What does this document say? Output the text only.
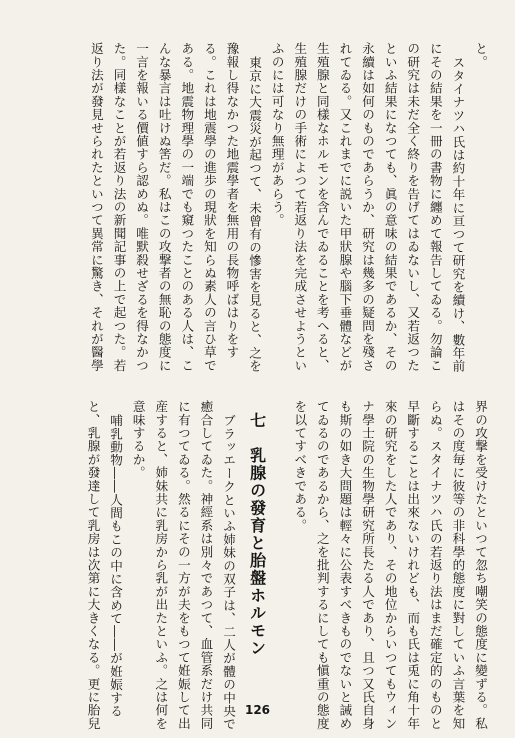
と。

スタイナツハ氏は約十年に亘つて研究を續け、數年前

にその結果を一冊の書物に纏めて報告してゐる。勿論こ

の研究は未だ全く終りを告げてはゐないし、又若返つた

といふ結果になつても、眞の意味の結果であるか、その

永續は如何のものであらうか、研究は幾多の疑問を殘さ

れてゐる。又これまでに説いた甲狀腺や腦下垂體などが

生殖腺と同樣なホルモンを含んでゐることを考へると、

生殖腺だけの手術によつて若返り法を完成させようとい

ふのには可なり無理があらう。

東京に大震災が起つて、未曾有の慘害を見ると、之を

豫報し得なかつた地震學者を無用の長物呼ばはりをす

る。これは地震學の進歩の現狀を知らぬ素人の言ひ草で

ある。地震物理學の一端でも窺つたことのある人は、こ

んな暴言は吐けぬ筈だ。私はこの攻撃者の無恥の態度に

一言を報いる價値すら認めぬ。唯默殺せざるを得なかつ

た。同樣なことが若返り法の新聞記事の上で起つた。若

返り法が發見せられたといつて異常に驚き、それが醫學

界の攻撃を受けたといつて忽ち嘲笑の態度に變ずる。私

はその度毎に彼等の非科學的態度に對していふ言葉を知

らぬ。スタイナツハ氏の若返り法はまだ確定的のものと

早斷することは出來ないけれども、而も氏は兎に角十年

來の研究をした人であり、その地位からいつてもウィン

ナ學士院の生物學研究所長たる人であり、且つ又氏自身

も斯の如き大問題は輕々に公表すべきものでないと誡め

てゐるのであるから、之を批判するにしても愼重の態度

を以てすべきである。

七　乳腺の發育と胎盤ホルモン

ブラッエークといふ姉妹の双子は、二人が體の中央で

癒合してゐた。神經系は別々であつて、血管系だけ共同

に有つてゐる。然るにその一方が夫をもつて姙娠して出

産すると、姉妹共に乳房から乳が出たといふ。之は何を

意味するか。

哺乳動物――人間もこの中に含めて――が姙娠する

と、乳腺が發達して乳房は次第に大きくなる。更に胎兒	126
